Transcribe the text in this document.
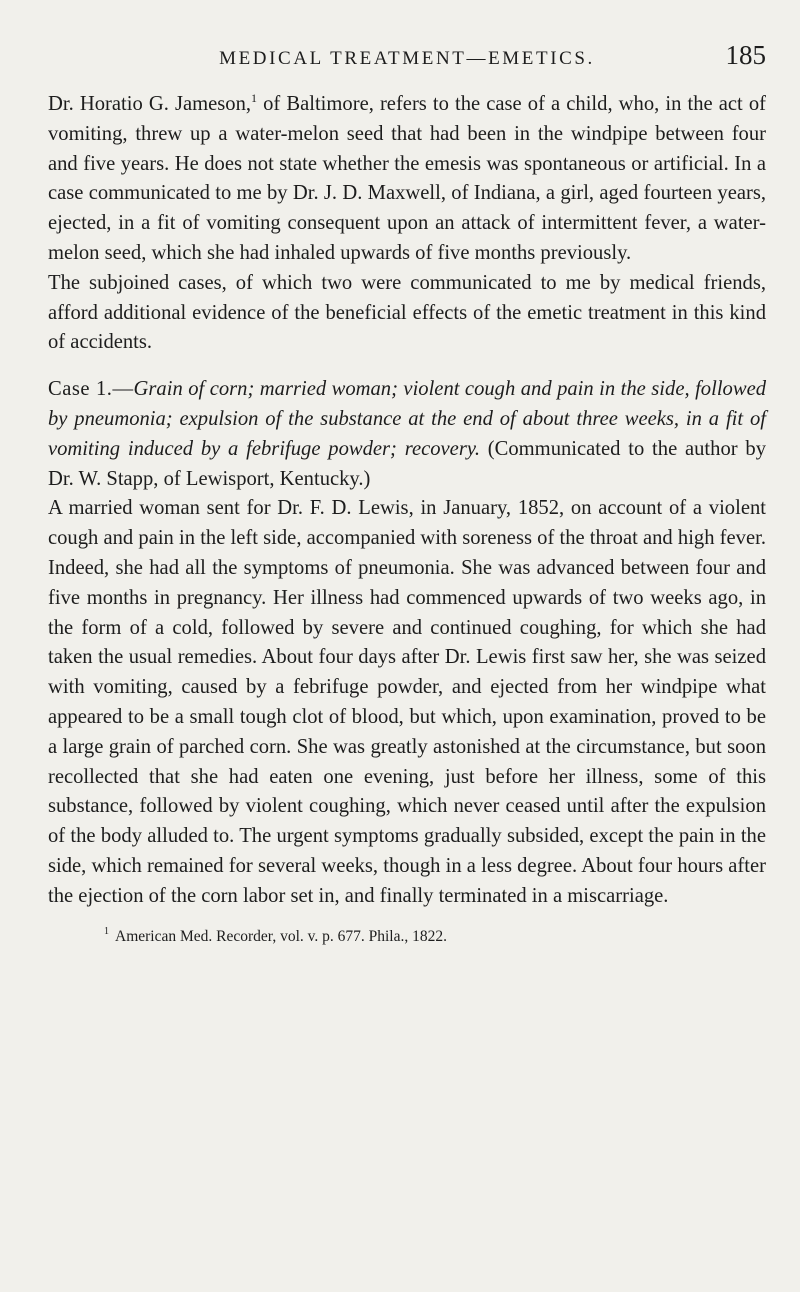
MEDICAL TREATMENT—EMETICS.	185

Dr. Horatio G. Jameson,$^1$ of Baltimore, refers to the case of a child, who, in the act of vomiting, threw up a water-melon seed that had been in the windpipe between four and five years. He does not state whether the emesis was spontaneous or artificial. In a case communicated to me by Dr. J. D. Maxwell, of Indiana, a girl, aged fourteen years, ejected, in a fit of vomiting consequent upon an attack of intermittent fever, a water-melon seed, which she had inhaled upwards of five months previously.

The subjoined cases, of which two were communicated to me by medical friends, afford additional evidence of the beneficial effects of the emetic treatment in this kind of accidents.

Case 1.—Grain of corn; married woman; violent cough and pain in the side, followed by pneumonia; expulsion of the substance at the end of about three weeks, in a fit of vomiting induced by a febrifuge powder; recovery. (Communicated to the author by Dr. W. Stapp, of Lewisport, Kentucky.)

A married woman sent for Dr. F. D. Lewis, in January, 1852, on account of a violent cough and pain in the left side, accompanied with soreness of the throat and high fever. Indeed, she had all the symptoms of pneumonia. She was advanced between four and five months in pregnancy. Her illness had commenced upwards of two weeks ago, in the form of a cold, followed by severe and continued coughing, for which she had taken the usual remedies. About four days after Dr. Lewis first saw her, she was seized with vomiting, caused by a febrifuge powder, and ejected from her windpipe what appeared to be a small tough clot of blood, but which, upon examination, proved to be a large grain of parched corn. She was greatly astonished at the circumstance, but soon recollected that she had eaten one evening, just before her illness, some of this substance, followed by violent coughing, which never ceased until after the expulsion of the body alluded to. The urgent symptoms gradually subsided, except the pain in the side, which remained for several weeks, though in a less degree. About four hours after the ejection of the corn labor set in, and finally terminated in a miscarriage.

$^1$ American Med. Recorder, vol. v. p. 677. Phila., 1822.
